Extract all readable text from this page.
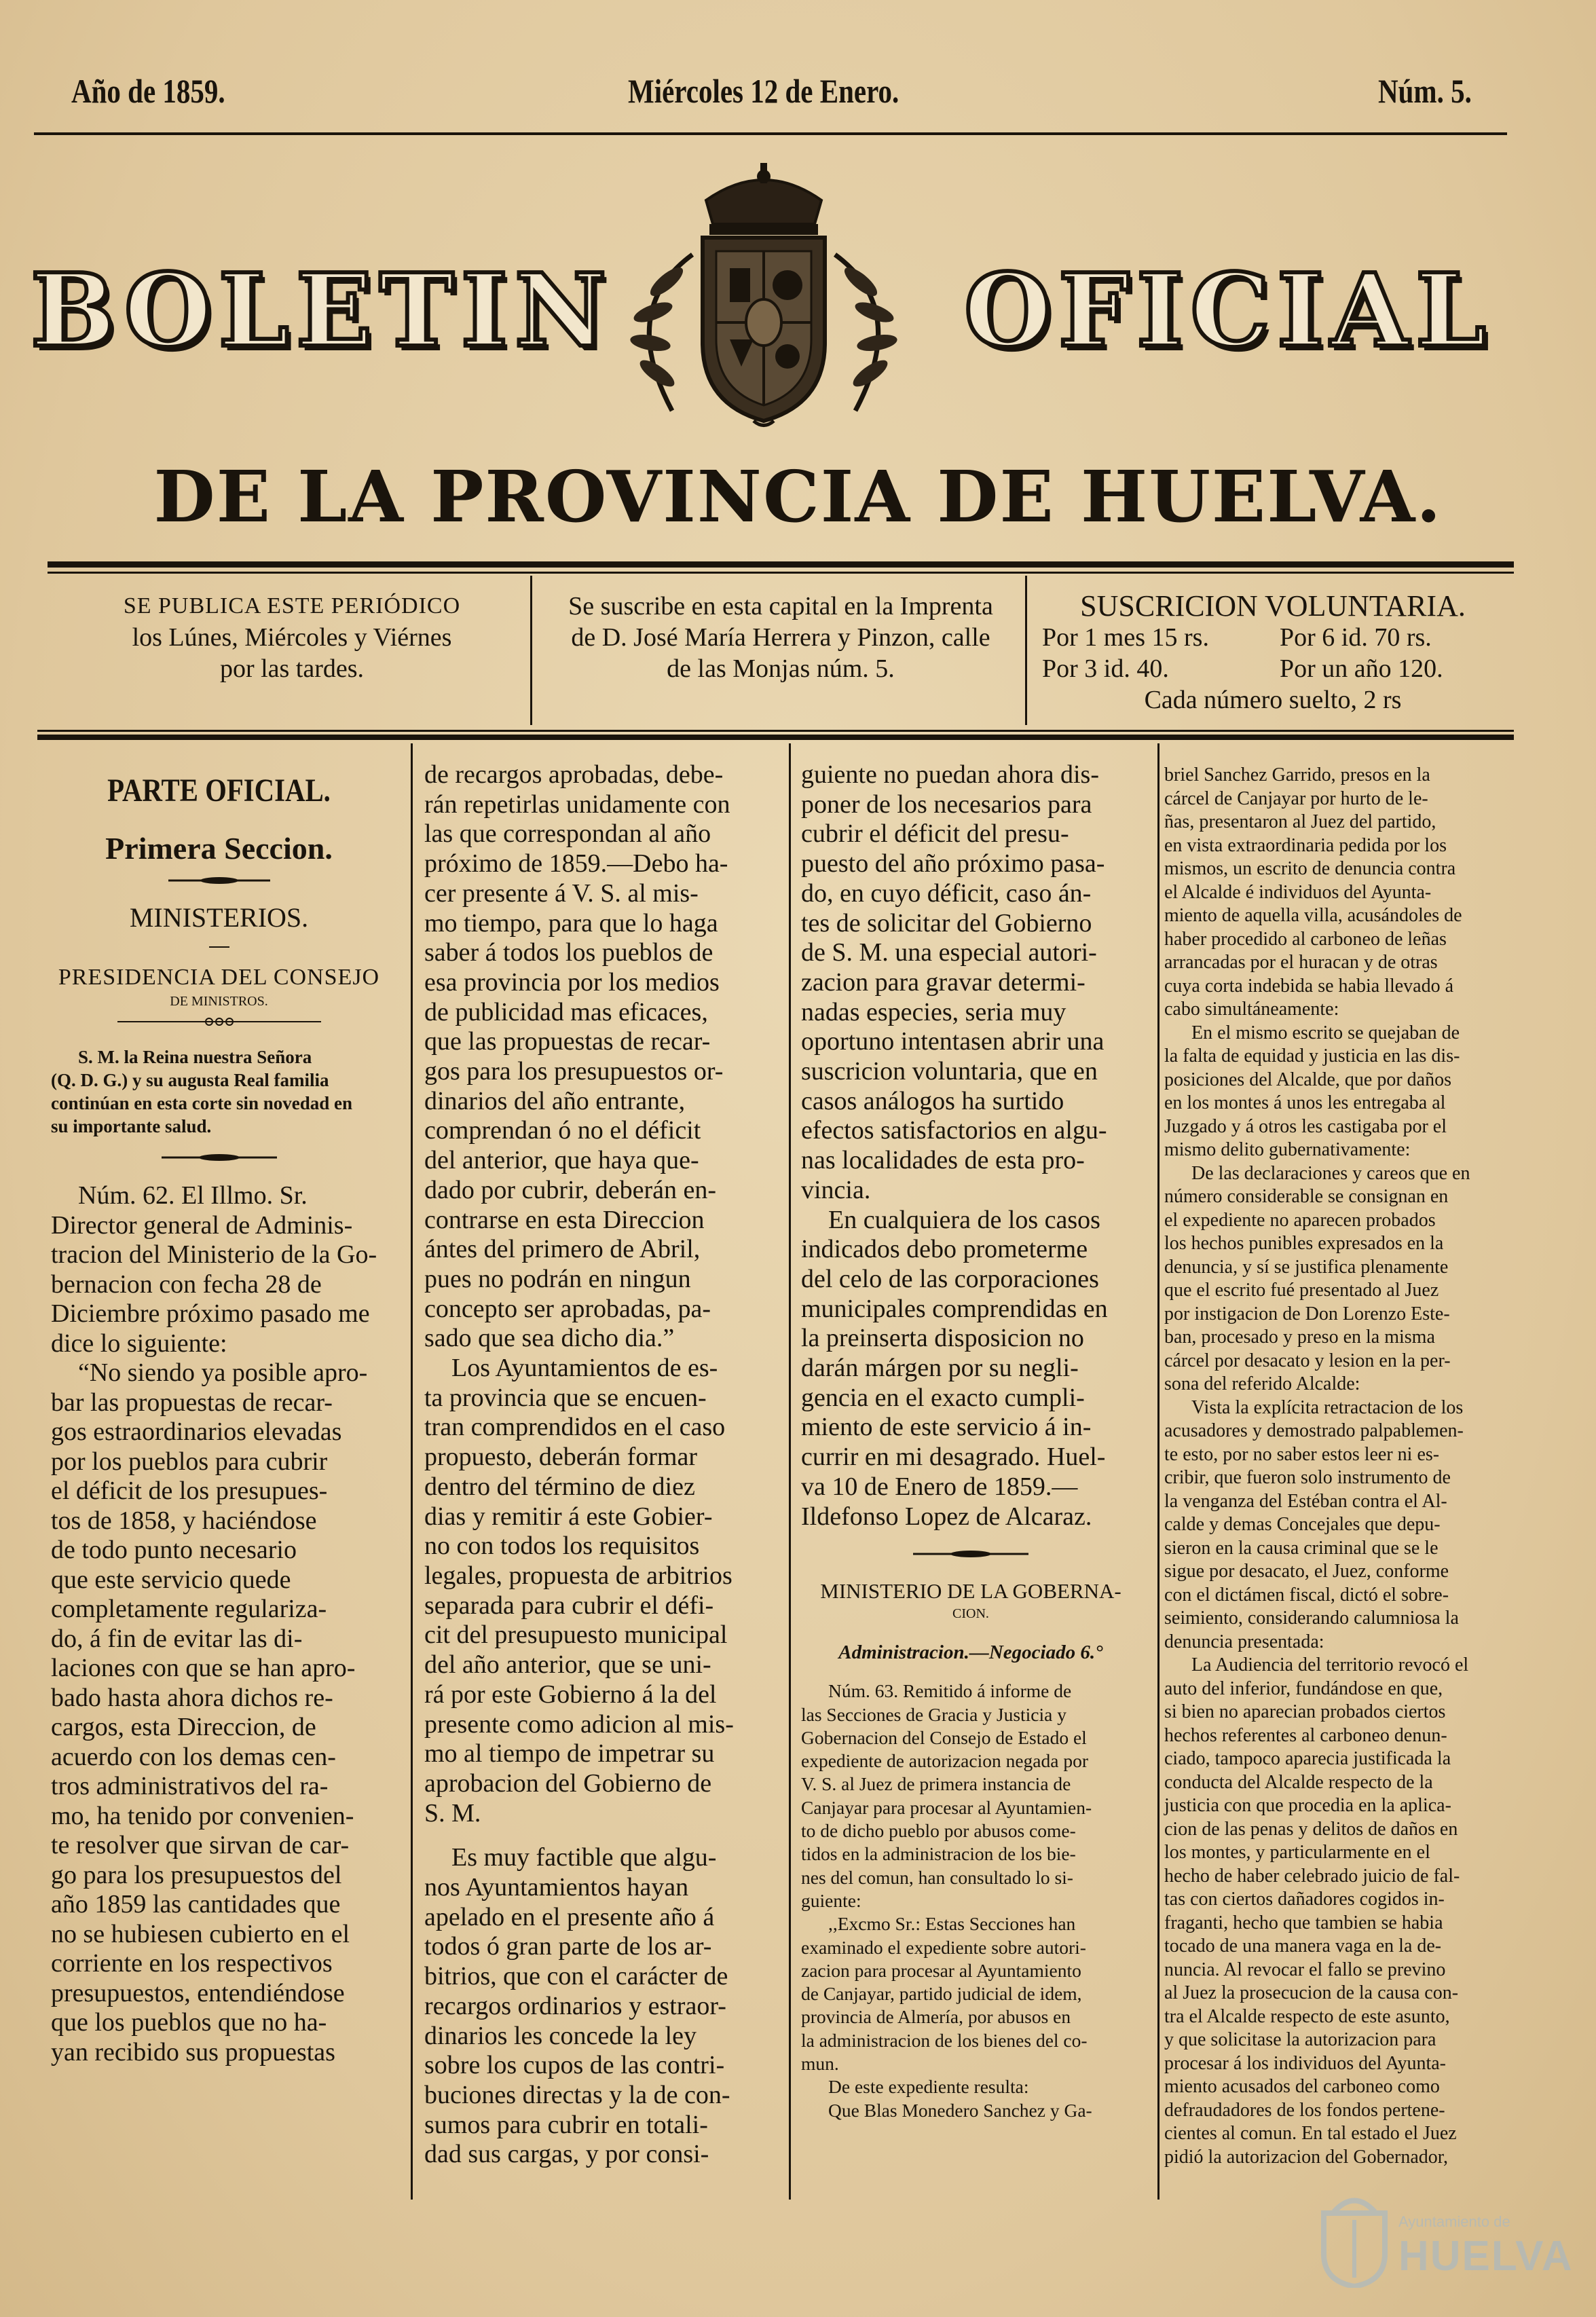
Año de 1859.	Miércoles 12 de Enero.	Núm. 5.
BOLETIN	OFICIAL
DE LA PROVINCIA DE HUELVA.
SE PUBLICA ESTE PERIÓDICO
los Lúnes, Miércoles y Viérnes
por las tardes.
Se suscribe en esta capital en la Imprenta
de D. José María Herrera y Pinzon, calle
de las Monjas núm. 5.
SUSCRICION VOLUNTARIA.
Por 1 mes 15 rs.	Por 6 id. 70 rs.
Por 3 id. 40.	Por un año 120.
Cada número suelto, 2 rs
PARTE OFICIAL.
Primera Seccion.
MINISTERIOS.
PRESIDENCIA DEL CONSEJO
DE MINISTROS.
S. M. la Reina nuestra Señora
(Q. D. G.) y su augusta Real familia
continúan en esta corte sin novedad en
su importante salud.
Núm. 62. El Illmo. Sr.
Director general de Adminis-
tracion del Ministerio de la Go-
bernacion con fecha 28 de
Diciembre próximo pasado me
dice lo siguiente:
“No siendo ya posible apro-
bar las propuestas de recar-
gos estraordinarios elevadas
por los pueblos para cubrir
el déficit de los presupues-
tos de 1858, y haciéndose
de todo punto necesario
que este servicio quede
completamente regulariza-
do, á fin de evitar las di-
laciones con que se han apro-
bado hasta ahora dichos re-
cargos, esta Direccion, de
acuerdo con los demas cen-
tros administrativos del ra-
mo, ha tenido por convenien-
te resolver que sirvan de car-
go para los presupuestos del
año 1859 las cantidades que
no se hubiesen cubierto en el
corriente en los respectivos
presupuestos, entendiéndose
que los pueblos que no ha-
yan recibido sus propuestas
de recargos aprobadas, debe-
rán repetirlas unidamente con
las que correspondan al año
próximo de 1859.—Debo ha-
cer presente á V. S. al mis-
mo tiempo, para que lo haga
saber á todos los pueblos de
esa provincia por los medios
de publicidad mas eficaces,
que las propuestas de recar-
gos para los presupuestos or-
dinarios del año entrante,
comprendan ó no el déficit
del anterior, que haya que-
dado por cubrir, deberán en-
contrarse en esta Direccion
ántes del primero de Abril,
pues no podrán en ningun
concepto ser aprobadas, pa-
sado que sea dicho dia.”
Los Ayuntamientos de es-
ta provincia que se encuen-
tran comprendidos en el caso
propuesto, deberán formar
dentro del término de diez
dias y remitir á este Gobier-
no con todos los requisitos
legales, propuesta de arbitrios
separada para cubrir el défi-
cit del presupuesto municipal
del año anterior, que se uni-
rá por este Gobierno á la del
presente como adicion al mis-
mo al tiempo de impetrar su
aprobacion del Gobierno de
S. M.
Es muy factible que algu-
nos Ayuntamientos hayan
apelado en el presente año á
todos ó gran parte de los ar-
bitrios, que con el carácter de
recargos ordinarios y estraor-
dinarios les concede la ley
sobre los cupos de las contri-
buciones directas y la de con-
sumos para cubrir en totali-
dad sus cargas, y por consi-
guiente no puedan ahora dis-
poner de los necesarios para
cubrir el déficit del presu-
puesto del año próximo pasa-
do, en cuyo déficit, caso án-
tes de solicitar del Gobierno
de S. M. una especial autori-
zacion para gravar determi-
nadas especies, seria muy
oportuno intentasen abrir una
suscricion voluntaria, que en
casos análogos ha surtido
efectos satisfactorios en algu-
nas localidades de esta pro-
vincia.
En cualquiera de los casos
indicados debo prometerme
del celo de las corporaciones
municipales comprendidas en
la preinserta disposicion no
darán márgen por su negli-
gencia en el exacto cumpli-
miento de este servicio á in-
currir en mi desagrado. Huel-
va 10 de Enero de 1859.—
Ildefonso Lopez de Alcaraz.
MINISTERIO DE LA GOBERNA-
CION.
Administracion.—Negociado 6.°
Núm. 63. Remitido á informe de
las Secciones de Gracia y Justicia y
Gobernacion del Consejo de Estado el
expediente de autorizacion negada por
V. S. al Juez de primera instancia de
Canjayar para procesar al Ayuntamien-
to de dicho pueblo por abusos come-
tidos en la administracion de los bie-
nes del comun, han consultado lo si-
guiente:
,,Excmo Sr.: Estas Secciones han
examinado el expediente sobre autori-
zacion para procesar al Ayuntamiento
de Canjayar, partido judicial de idem,
provincia de Almería, por abusos en
la administracion de los bienes del co-
mun.
De este expediente resulta:
Que Blas Monedero Sanchez y Ga-
briel Sanchez Garrido, presos en la
cárcel de Canjayar por hurto de le-
ñas, presentaron al Juez del partido,
en vista extraordinaria pedida por los
mismos, un escrito de denuncia contra
el Alcalde é individuos del Ayunta-
miento de aquella villa, acusándoles de
haber procedido al carboneo de leñas
arrancadas por el huracan y de otras
cuya corta indebida se habia llevado á
cabo simultáneamente:
En el mismo escrito se quejaban de
la falta de equidad y justicia en las dis-
posiciones del Alcalde, que por daños
en los montes á unos les entregaba al
Juzgado y á otros les castigaba por el
mismo delito gubernativamente:
De las declaraciones y careos que en
número considerable se consignan en
el expediente no aparecen probados
los hechos punibles expresados en la
denuncia, y sí se justifica plenamente
que el escrito fué presentado al Juez
por instigacion de Don Lorenzo Este-
ban, procesado y preso en la misma
cárcel por desacato y lesion en la per-
sona del referido Alcalde:
Vista la explícita retractacion de los
acusadores y demostrado palpablemen-
te esto, por no saber estos leer ni es-
cribir, que fueron solo instrumento de
la venganza del Estéban contra el Al-
calde y demas Concejales que depu-
sieron en la causa criminal que se le
sigue por desacato, el Juez, conforme
con el dictámen fiscal, dictó el sobre-
seimiento, considerando calumniosa la
denuncia presentada:
La Audiencia del territorio revocó el
auto del inferior, fundándose en que,
si bien no aparecian probados ciertos
hechos referentes al carboneo denun-
ciado, tampoco aparecia justificada la
conducta del Alcalde respecto de la
justicia con que procedia en la aplica-
cion de las penas y delitos de daños en
los montes, y particularmente en el
hecho de haber celebrado juicio de fal-
tas con ciertos dañadores cogidos in-
fraganti, hecho que tambien se habia
tocado de una manera vaga en la de-
nuncia. Al revocar el fallo se previno
al Juez la prosecucion de la causa con-
tra el Alcalde respecto de este asunto,
y que solicitase la autorizacion para
procesar á los individuos del Ayunta-
miento acusados del carboneo como
defraudadores de los fondos pertene-
cientes al comun. En tal estado el Juez
pidió la autorizacion del Gobernador,
Ayuntamiento de
HUELVA
